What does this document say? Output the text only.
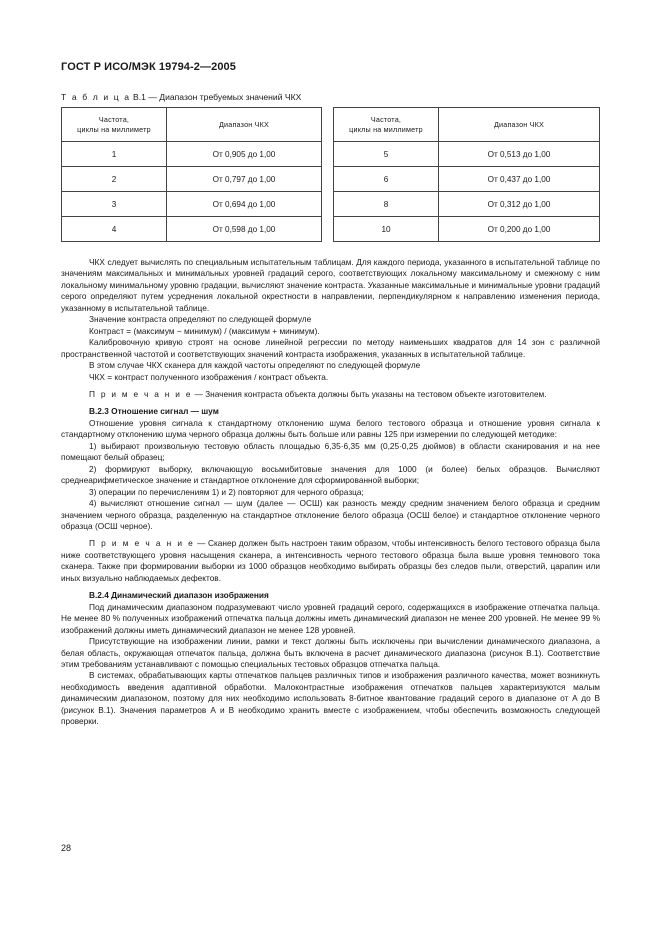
ГОСТ Р ИСО/МЭК 19794-2—2005
Т а б л и ц а В.1 — Диапазон требуемых значений ЧКХ
Частота,
циклы на миллиметр	Диапазон ЧКХ
1	От 0,905 до 1,00
2	От 0,797 до 1,00
3	От 0,694 до 1,00
4	От 0,598 до 1,00
Частота,
циклы на миллиметр	Диапазон ЧКХ
5	От 0,513 до 1,00
6	От 0,437 до 1,00
8	От 0,312 до 1,00
10	От 0,200 до 1,00

ЧКХ следует вычислять по специальным испытательным таблицам. Для каждого периода, указанного в испытательной таблице по значениям максимальных и минимальных уровней градаций серого, соответствующих локальному максимальному и смежному с ним локальному минимальному уровню градации, вычисляют значение контраста. Указанные максимальные и минимальные уровни градаций серого определяют путем усреднения локальной окрестности в направлении, перпендикулярном к направлению изменения периода, указанному в испытательной таблице.

Значение контраста определяют по следующей формуле

Контраст = (максимум − минимум) / (максимум + минимум).

Калибровочную кривую строят на основе линейной регрессии по методу наименьших квадратов для 14 зон с различной пространственной частотой и соответствующих значений контраста изображения, указанных в испытательной таблице.

В этом случае ЧКХ сканера для каждой частоты определяют по следующей формуле

ЧКХ = контраст полученного изображения / контраст объекта.

П р и м е ч а н и е — Значения контраста объекта должны быть указаны на тестовом объекте изготовителем.

В.2.3 Отношение сигнал — шум

Отношение уровня сигнала к стандартному отклонению шума белого тестового образца и отношение уровня сигнала к стандартному отклонению шума черного образца должны быть больше или равны 125 при измерении по следующей методике:

1) выбирают произвольную тестовую область площадью 6,35·6,35 мм (0,25·0,25 дюймов) в области сканирования и на нее помещают белый образец;

2) формируют выборку, включающую восьмибитовые значения для 1000 (и более) белых образцов. Вычисляют среднеарифметическое значение и стандартное отклонение для сформированной выборки;

3) операции по перечислениям 1) и 2) повторяют для черного образца;

4) вычисляют отношение сигнал — шум (далее — ОСШ) как разность между средним значением белого образца и средним значением черного образца, разделенную на стандартное отклонение белого образца (ОСШ белое) и стандартное отклонение черного образца (ОСШ черное).

П р и м е ч а н и е — Сканер должен быть настроен таким образом, чтобы интенсивность белого тестового образца была ниже соответствующего уровня насыщения сканера, а интенсивность черного тестового образца была выше уровня темнового тока сканера. Также при формировании выборки из 1000 образцов необходимо выбирать образцы без следов пыли, отверстий, царапин или иных визуально наблюдаемых дефектов.

В.2.4 Динамический диапазон изображения

Под динамическим диапазоном подразумевают число уровней градаций серого, содержащихся в изображение отпечатка пальца. Не менее 80 % полученных изображений отпечатка пальца должны иметь динамический диапазон не менее 200 уровней. Не менее 99 % изображений должны иметь динамический диапазон не менее 128 уровней.

Присутствующие на изображении линии, рамки и текст должны быть исключены при вычислении динамического диапазона, а белая область, окружающая отпечаток пальца, должна быть включена в расчет динамического диапазона (рисунок В.1). Соответствие этим требованиям устанавливают с помощью специальных тестовых образцов отпечатка пальца.

В системах, обрабатывающих карты отпечатков пальцев различных типов и изображения различного качества, может возникнуть необходимость введения адаптивной обработки. Малоконтрастные изображения отпечатков пальцев характеризуются малым динамическим диапазоном, поэтому для них необходимо использовать 8-битное квантование градаций серого в диапазоне от А до В (рисунок В.1). Значения параметров А и В необходимо хранить вместе с изображением, чтобы обеспечить возможность следующей проверки.

28
